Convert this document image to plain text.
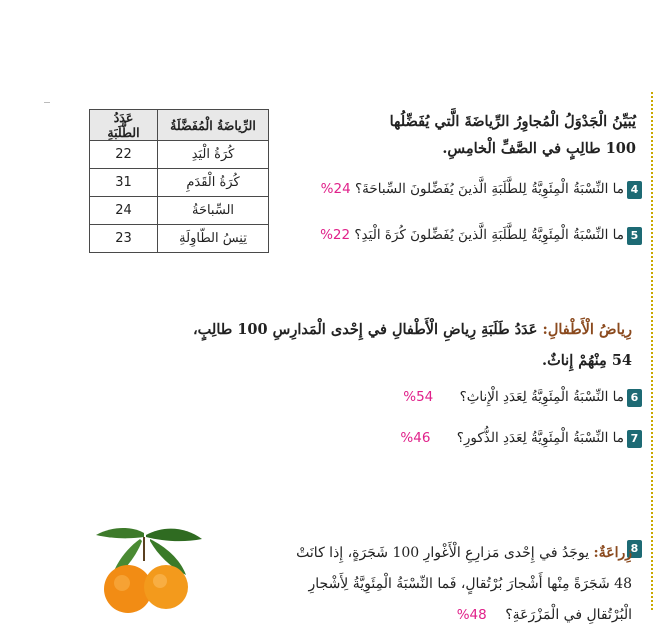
يُبَيِّنُ الْجَدْوَلُ الْمُجاوِرُ الرِّياضَةَ الَّتي يُفَضِّلُها
100 طالِبٍ في الصَّفِّ الْخامِسِ.
الرِّياضَةُ الْمُفَضَّلَةُ	عَدَدُ الطَّلَبَةِ
كُرَةُ الْيَدِ	22
كُرَةُ الْقَدَمِ	31
السِّباحَةُ	24
تِنِسُ الطّاوِلَةِ	23
4
ما النِّسْبَةُ الْمِئَوِيَّةُ لِلطَّلَبَةِ الَّذينَ يُفَضِّلونَ السِّباحَةَ؟ 24%
5
ما النِّسْبَةُ الْمِئَوِيَّةُ لِلطَّلَبَةِ الَّذينَ يُفَضِّلونَ كُرَةَ الْيَدِ؟ 22%
رِياضُ الْأَطْفالِ: عَدَدُ طَلَبَةِ رِياضِ الْأَطْفالِ في إِحْدى الْمَدارِسِ 100 طالِبٍ،
54 مِنْهُمْ إِناثٌ.
6
ما النِّسْبَةُ الْمِئَوِيَّةُ لِعَدَدِ الْإِناثِ؟ 54%
7
ما النِّسْبَةُ الْمِئَوِيَّةُ لِعَدَدِ الذُّكورِ؟ 46%
8
زِراعَةٌ: يوجَدُ في إِحْدى مَزارِعِ الْأَغْوارِ 100 شَجَرَةٍ، إِذا كانَتْ
48 شَجَرَةً مِنْها أَشْجارَ بُرْتُقالٍ، فَما النِّسْبَةُ الْمِئَوِيَّةُ لِأَشْجارِ
الْبُرْتُقالِ في الْمَزْرَعَةِ؟ 48%
